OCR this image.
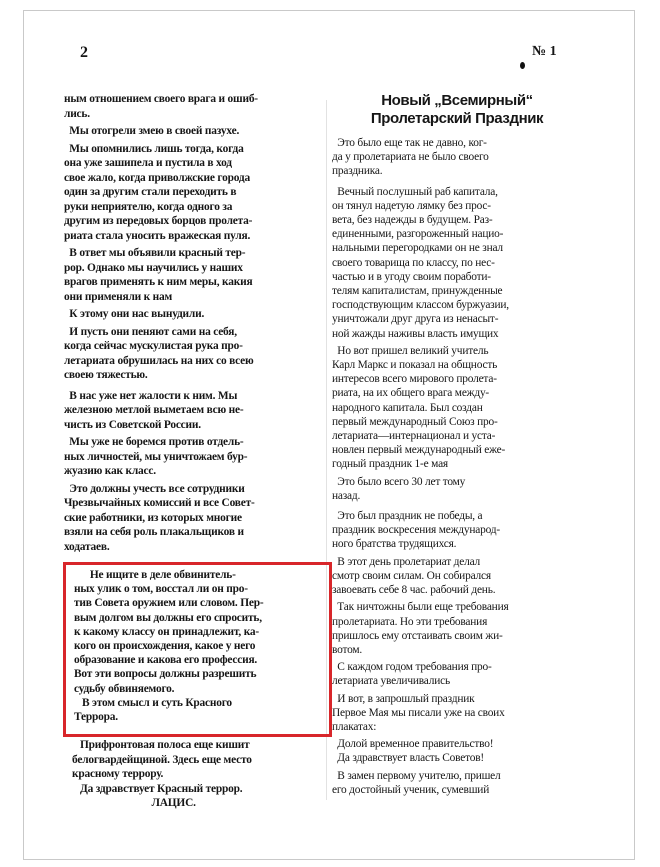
2	№ 1

ным отношением своего врага и ошиб-
лись.

Мы отогрели змею в своей пазухе.

Мы опомнились лишь тогда, когда
она уже зашипела и пустила в ход
свое жало, когда приволжские города
один за другим стали переходить в
руки неприятелю, когда одного за
другим из передовых борцов пролета-
риата стала уносить вражеская пуля.

В ответ мы объявили красный тер-
рор. Однако мы научились у наших
врагов применять к ним меры, какия
они применяли к нам

К этому они нас вынудили.

И пусть они пеняют сами на себя,
когда сейчас мускулистая рука про-
летариата обрушилась на них со всею
своею тяжестью.

В нас уже нет жалости к ним. Мы
железною метлой выметаем всю не-
чисть из Советской России.

Мы уже не боремся против отдель-
ных личностей, мы уничтожаем бур-
жуазию как класс.

Это должны учесть все сотрудники
Чрезвычайных комиссий и все Совет-
ские работники, из которых многие
взяли на себя роль плакальщиков и
ходатаев.

Не ищите в деле обвинитель-
ных улик о том, восстал ли он про-
тив Совета оружием или словом. Пер-
вым долгом вы должны его спросить,
к какому классу он принадлежит, ка-
кого он происхождения, какое у него
образование и какова его профессия.
Вот эти вопросы должны разрешить
судьбу обвиняемого.
В этом смысл и суть Красного
Террора.
Прифронтовая полоса еще кишит
белогвардейщиной. Здесь еще место
красному террору.
Да здравствует Красный террор.
ЛАЦИС.
Новый „Всемирный“ Пролетарский Праздник

Это было еще так не давно, ког-
да у пролетариата не было своего
праздника.

Вечный послушный раб капитала,
он тянул надетую лямку без прос-
вета, без надежды в будущем. Раз-
единенными, разгороженный нацио-
нальными перегородками он не знал
своего товарища по классу, по нес-
частью и в угоду своим поработи-
телям капиталистам, принужденные
господствующим классом буржуазии,
уничтожали друг друга из ненасыт-
ной жажды наживы власть имущих

Но вот пришел великий учитель
Карл Маркс и показал на общность
интересов всего мирового пролета-
риата, на их общего врага между-
народного капитала. Был создан
первый международный Союз про-
летариата—интернационал и уста-
новлен первый международный еже-
годный праздник 1-е мая

Это было всего 30 лет тому
назад.

Это был праздник не победы, а
праздник воскресения международ-
ного братства трудящихся.

В этот день пролетариат делал
смотр своим силам. Он собирался
завоевать себе 8 час. рабочий день.

Так ничтожны были еще требования
пролетариата. Но эти требования
пришлось ему отстаивать своим жи-
вотом.

С каждом годом требования про-
летариата увеличивались

И вот, в запрошлый праздник
Первое Мая мы писали уже на своих
плакатах:

Долой временное правительство!
Да здравствует власть Советов!

В замен первому учителю, пришел
его достойный ученик, сумевший
